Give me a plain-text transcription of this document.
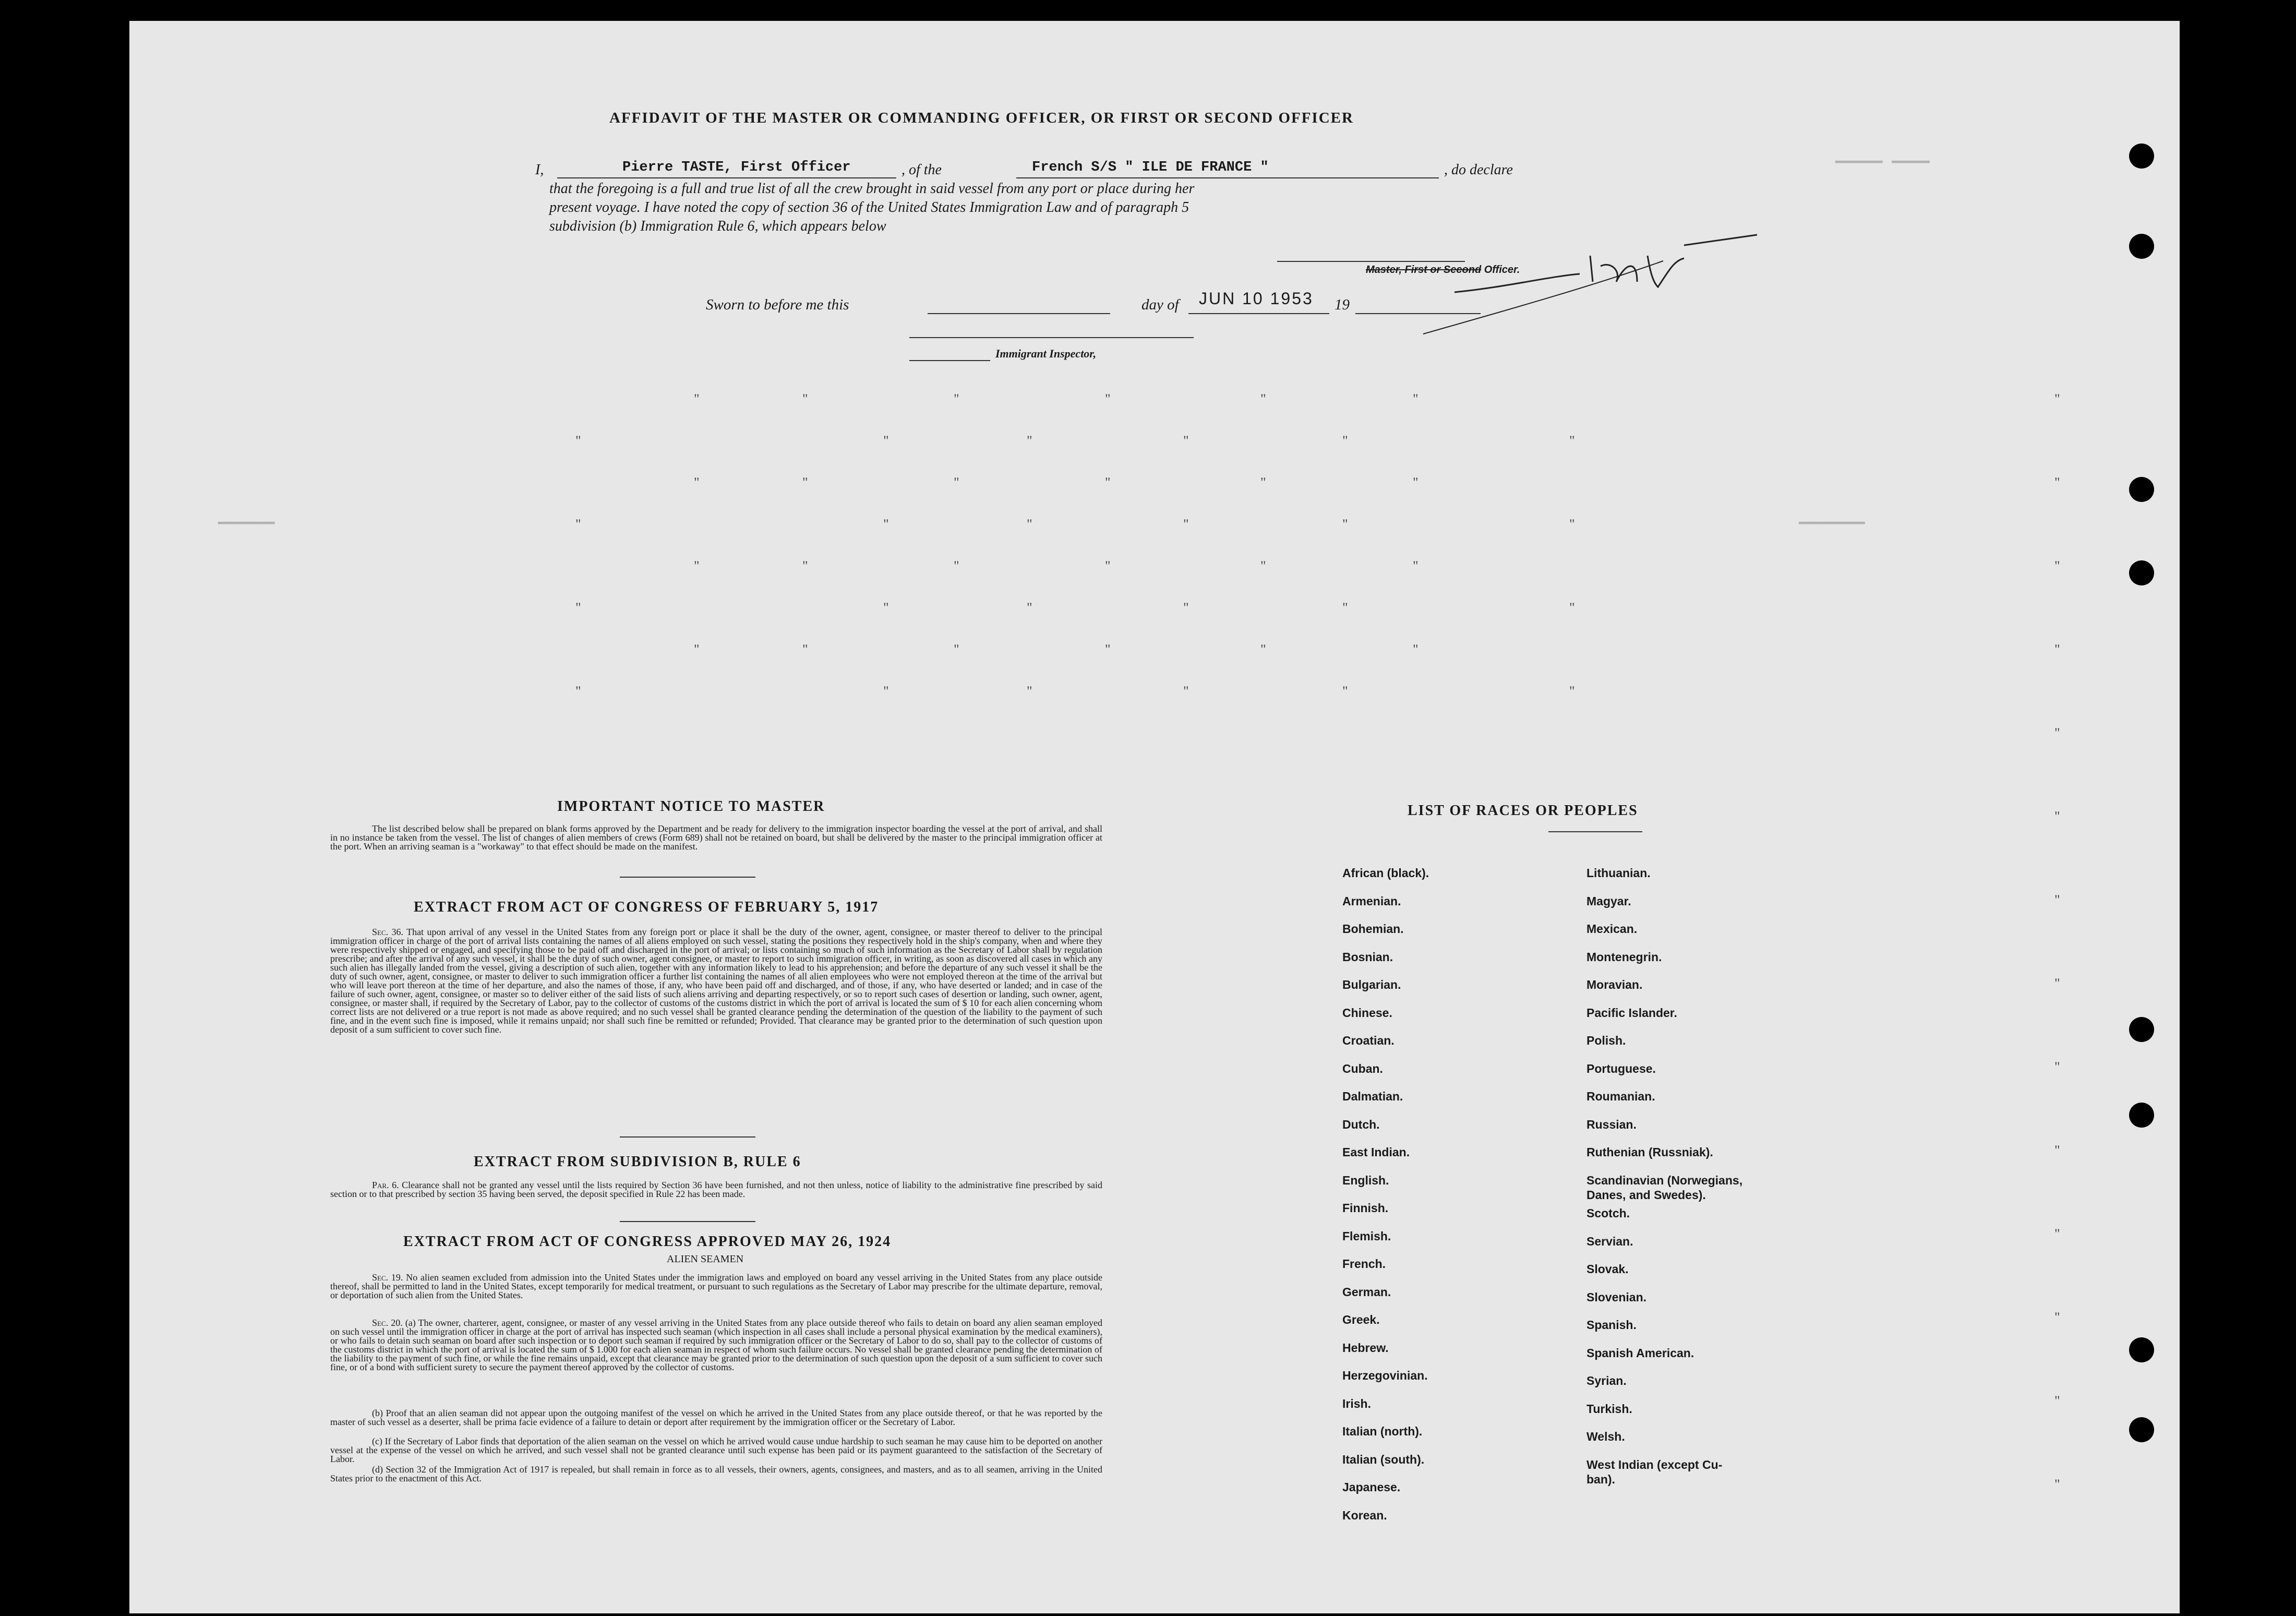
▁▁▁▁▁ ▁▁▁▁
▁▁▁▁▁▁	▁▁▁▁▁▁▁
AFFIDAVIT OF THE MASTER OR COMMANDING OFFICER, OR FIRST OR SECOND OFFICER
I,	Pierre TASTE, First Officer	, of the	French S/S " ILE DE FRANCE "	, do declare
that the foregoing is a full and true list of all the crew brought in said vessel from any port or place during her
present voyage. I have noted the copy of section 36 of the United States Immigration Law and of paragraph 5
subdivision (b) Immigration Rule 6, which appears below
Master, First or Second Officer.
Sworn to before me this	day of JUN 10 1953 19
Immigrant Inspector,
"
"
"
"
"
"
"
"
"
"
"
"
"
"
"
"
"
"
"
"
"
"
"
"
"
"
"
"
"
"
"
"
"
"
"
"
"
"
"
"
"
"
"
"
"
"
"
"
"
"
"
"
"
"
"
"
"
"
"
"
"
"
IMPORTANT NOTICE TO MASTER
The list described below shall be prepared on blank forms approved by the Department and be ready for delivery to the immigration inspector boarding the vessel at the port of arrival, and shall in no instance be taken from the vessel. The list of changes of alien members of crews (Form 689) shall not be retained on board, but shall be delivered by the master to the principal immigration officer at the port. When an arriving seaman is a "workaway" to that effect should be made on the manifest.
EXTRACT FROM ACT OF CONGRESS OF FEBRUARY 5, 1917
Sec. 36. That upon arrival of any vessel in the United States from any foreign port or place it shall be the duty of the owner, agent, consignee, or master thereof to deliver to the principal immigration officer in charge of the port of arrival lists containing the names of all aliens employed on such vessel, stating the positions they respectively hold in the ship's company, when and where they were respectively shipped or engaged, and specifying those to be paid off and discharged in the port of arrival; or lists containing so much of such information as the Secretary of Labor shall by regulation prescribe; and after the arrival of any such vessel, it shall be the duty of such owner, agent consignee, or master to report to such immigration officer, in writing, as soon as discovered all cases in which any such alien has illegally landed from the vessel, giving a description of such alien, together with any information likely to lead to his apprehension; and before the departure of any such vessel it shall be the duty of such owner, agent, consignee, or master to deliver to such immigration officer a further list containing the names of all alien employees who were not employed thereon at the time of the arrival but who will leave port thereon at the time of her departure, and also the names of those, if any, who have been paid off and discharged, and of those, if any, who have deserted or landed; and in case of the failure of such owner, agent, consignee, or master so to deliver either of the said lists of such aliens arriving and departing respectively, or so to report such cases of desertion or landing, such owner, agent, consignee, or master shall, if required by the Secretary of Labor, pay to the collector of customs of the customs district in which the port of arrival is located the sum of $ 10 for each alien concerning whom correct lists are not delivered or a true report is not made as above required; and no such vessel shall be granted clearance pending the determination of the question of the liability to the payment of such fine, and in the event such fine is imposed, while it remains unpaid; nor shall such fine be remitted or refunded; Provided. That clearance may be granted prior to the determination of such question upon deposit of a sum sufficient to cover such fine.
EXTRACT FROM SUBDIVISION B, RULE 6
Par. 6. Clearance shall not be granted any vessel until the lists required by Section 36 have been furnished, and not then unless, notice of liability to the administrative fine prescribed by said section or to that prescribed by section 35 having been served, the deposit specified in Rule 22 has been made.
EXTRACT FROM ACT OF CONGRESS APPROVED MAY 26, 1924
ALIEN SEAMEN
Sec. 19. No alien seamen excluded from admission into the United States under the immigration laws and employed on board any vessel arriving in the United States from any place outside thereof, shall be permitted to land in the United States, except temporarily for medical treatment, or pursuant to such regulations as the Secretary of Labor may prescribe for the ultimate departure, removal, or deportation of such alien from the United States.
Sec. 20. (a) The owner, charterer, agent, consignee, or master of any vessel arriving in the United States from any place outside thereof who fails to detain on board any alien seaman employed on such vessel until the immigration officer in charge at the port of arrival has inspected such seaman (which inspection in all cases shall include a personal physical examination by the medical examiners), or who fails to detain such seaman on board after such inspection or to deport such seaman if required by such immigration officer or the Secretary of Labor to do so, shall pay to the collector of customs of the customs district in which the port of arrival is located the sum of $ 1.000 for each alien seaman in respect of whom such failure occurs. No vessel shall be granted clearance pending the determination of the liability to the payment of such fine, or while the fine remains unpaid, except that clearance may be granted prior to the determination of such question upon the deposit of a sum sufficient to cover such fine, or of a bond with sufficient surety to secure the payment thereof approved by the collector of customs.
(b) Proof that an alien seaman did not appear upon the outgoing manifest of the vessel on which he arrived in the United States from any place outside thereof, or that he was reported by the master of such vessel as a deserter, shall be prima facie evidence of a failure to detain or deport after requirement by the immigration officer or the Secretary of Labor.
(c) If the Secretary of Labor finds that deportation of the alien seaman on the vessel on which he arrived would cause undue hardship to such seaman he may cause him to be deported on another vessel at the expense of the vessel on which he arrived, and such vessel shall not be granted clearance until such expense has been paid or its payment guaranteed to the satisfaction of the Secretary of Labor.
(d) Section 32 of the Immigration Act of 1917 is repealed, but shall remain in force as to all vessels, their owners, agents, consignees, and masters, and as to all seamen, arriving in the United States prior to the enactment of this Act.
LIST OF RACES OR PEOPLES
African (black).
Armenian.
Bohemian.
Bosnian.
Bulgarian.
Chinese.
Croatian.
Cuban.
Dalmatian.
Dutch.
East Indian.
English.
Finnish.
Flemish.
French.
German.
Greek.
Hebrew.
Herzegovinian.
Irish.
Italian (north).
Italian (south).
Japanese.
Korean.
Lithuanian.
Magyar.
Mexican.
Montenegrin.
Moravian.
Pacific Islander.
Polish.
Portuguese.
Roumanian.
Russian.
Ruthenian (Russniak).
Scandinavian (Norwegians,
Danes, and Swedes).
Scotch.
Servian.
Slovak.
Slovenian.
Spanish.
Spanish American.
Syrian.
Turkish.
Welsh.
West Indian (except Cu-
ban).
